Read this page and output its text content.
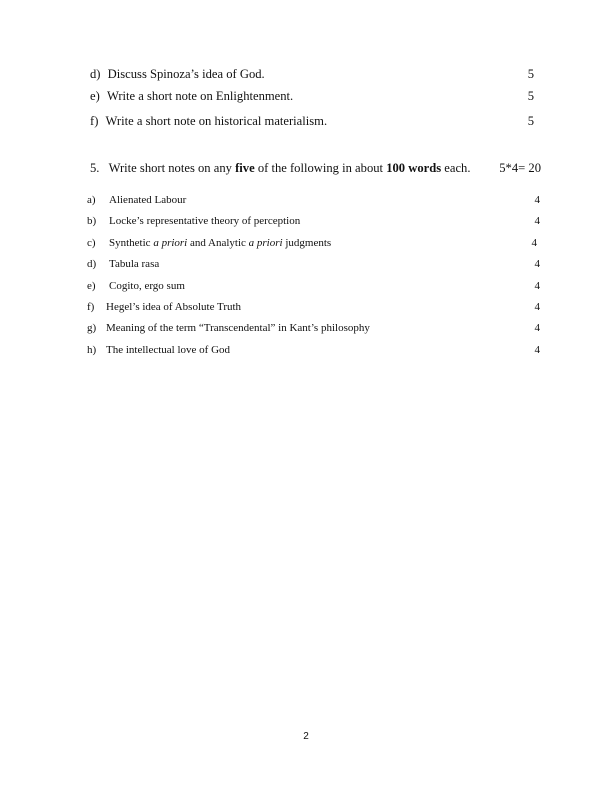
d) Discuss Spinoza’s idea of God.	5
e) Write a short note on Enlightenment.	5
f) Write a short note on historical materialism.	5
5. Write short notes on any five of the following in about 100 words each. 5*4= 20
a) Alienated Labour	4
b) Locke’s representative theory of perception	4
c) Synthetic a priori and Analytic a priori judgments	4
d) Tabula rasa	4
e) Cogito, ergo sum	4
f) Hegel’s idea of Absolute Truth	4
g) Meaning of the term “Transcendental” in Kant’s philosophy	4
h) The intellectual love of God	4
2
